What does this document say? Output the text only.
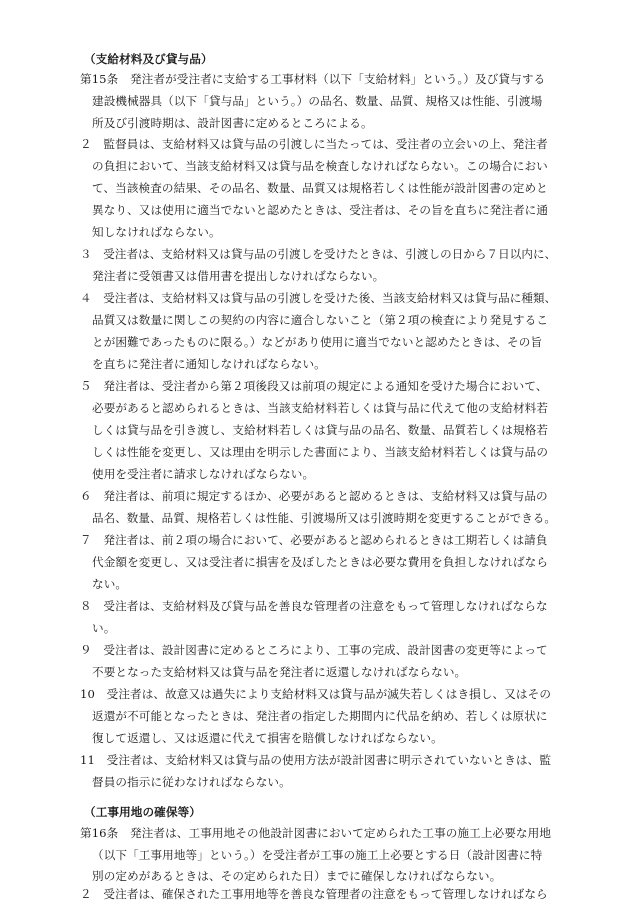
（支給材料及び貸与品）
第15条　発注者が受注者に支給する工事材料（以下「支給材料」という。）及び貸与する
建設機械器具（以下「貸与品」という。）の品名、数量、品質、規格又は性能、引渡場
所及び引渡時期は、設計図書に定めるところによる。
２　監督員は、支給材料又は貸与品の引渡しに当たっては、受注者の立会いの上、発注者
の負担において、当該支給材料又は貸与品を検査しなければならない。この場合におい
て、当該検査の結果、その品名、数量、品質又は規格若しくは性能が設計図書の定めと
異なり、又は使用に適当でないと認めたときは、受注者は、その旨を直ちに発注者に通
知しなければならない。
３　受注者は、支給材料又は貸与品の引渡しを受けたときは、引渡しの日から７日以内に、
発注者に受領書又は借用書を提出しなければならない。
４　受注者は、支給材料又は貸与品の引渡しを受けた後、当該支給材料又は貸与品に種類、
品質又は数量に関しこの契約の内容に適合しないこと（第２項の検査により発見するこ
とが困難であったものに限る。）などがあり使用に適当でないと認めたときは、その旨
を直ちに発注者に通知しなければならない。
５　発注者は、受注者から第２項後段又は前項の規定による通知を受けた場合において、
必要があると認められるときは、当該支給材料若しくは貸与品に代えて他の支給材料若
しくは貸与品を引き渡し、支給材料若しくは貸与品の品名、数量、品質若しくは規格若
しくは性能を変更し、又は理由を明示した書面により、当該支給材料若しくは貸与品の
使用を受注者に請求しなければならない。
６　発注者は、前項に規定するほか、必要があると認めるときは、支給材料又は貸与品の
品名、数量、品質、規格若しくは性能、引渡場所又は引渡時期を変更することができる。
７　発注者は、前２項の場合において、必要があると認められるときは工期若しくは請負
代金額を変更し、又は受注者に損害を及ぼしたときは必要な費用を負担しなければなら
ない。
８　受注者は、支給材料及び貸与品を善良な管理者の注意をもって管理しなければならな
い。
９　受注者は、設計図書に定めるところにより、工事の完成、設計図書の変更等によって
不要となった支給材料又は貸与品を発注者に返還しなければならない。
10　受注者は、故意又は過失により支給材料又は貸与品が滅失若しくはき損し、又はその
返還が不可能となったときは、発注者の指定した期間内に代品を納め、若しくは原状に
復して返還し、又は返還に代えて損害を賠償しなければならない。
11　受注者は、支給材料又は貸与品の使用方法が設計図書に明示されていないときは、監
督員の指示に従わなければならない。
（工事用地の確保等）
第16条　発注者は、工事用地その他設計図書において定められた工事の施工上必要な用地
（以下「工事用地等」という。）を受注者が工事の施工上必要とする日（設計図書に特
別の定めがあるときは、その定められた日）までに確保しなければならない。
２　受注者は、確保された工事用地等を善良な管理者の注意をもって管理しなければなら
